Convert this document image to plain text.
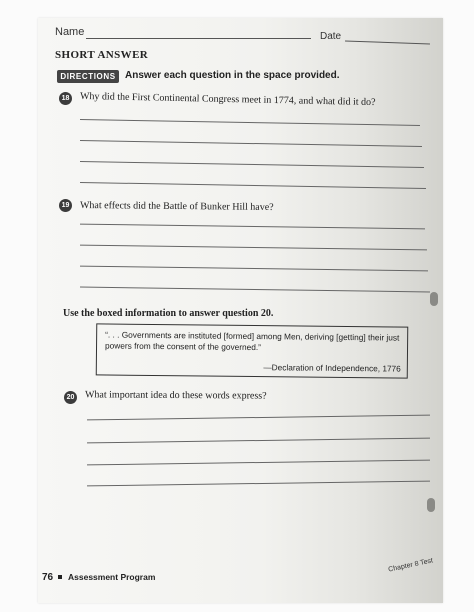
Name	Date
SHORT ANSWER
DIRECTIONS Answer each question in the space provided.
18 Why did the First Continental Congress meet in 1774, and what did it do?
19 What effects did the Battle of Bunker Hill have?
Use the boxed information to answer question 20.
“. . . Governments are instituted [formed] among Men, deriving [getting] their just powers from the consent of the governed.”
—Declaration of Independence, 1776
20 What important idea do these words express?
76 Assessment Program
Chapter 8 Test
